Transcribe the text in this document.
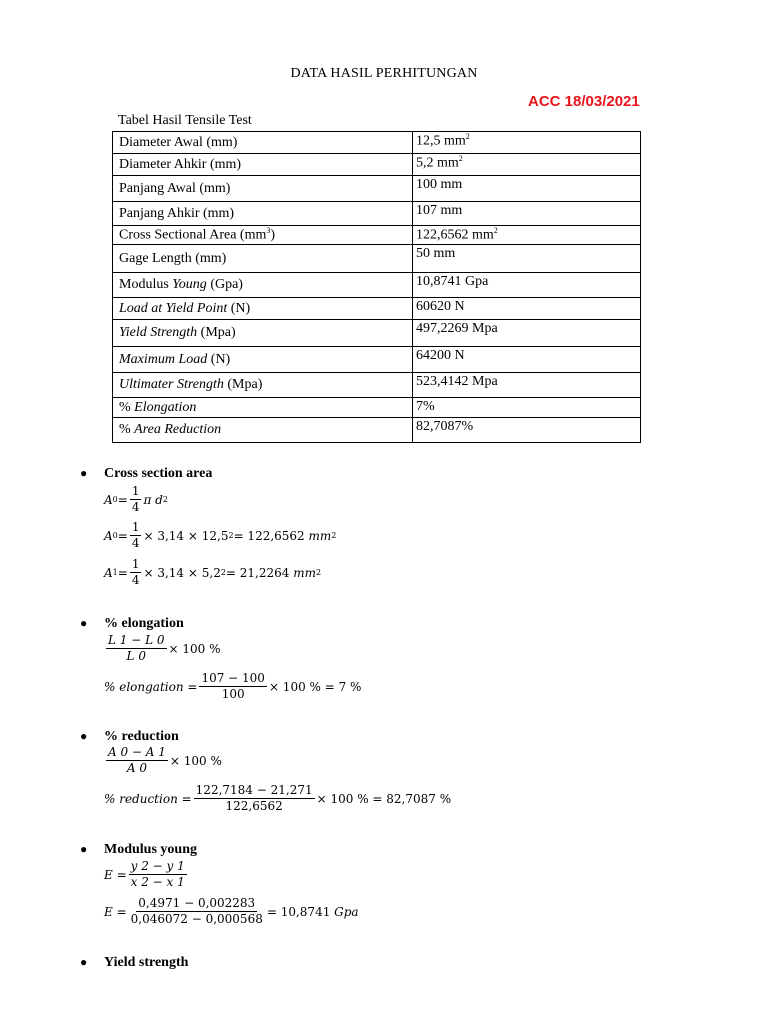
DATA HASIL PERHITUNGAN
ACC 18/03/2021
Tabel Hasil Tensile Test
Diameter Awal (mm)	12,5 $mm^2$
Diameter Ahkir (mm)	5,2 $mm^2$
Panjang Awal (mm)	100 mm
Panjang Ahkir (mm)	107 mm
Cross Sectional Area $(mm^3)$	122,6562 $mm^2$
Gage Length (mm)	50 mm
Modulus Young (Gpa)	10,8741 Gpa
Load at Yield Point (N)	60620 N
Yield Strength (Mpa)	497,2269 Mpa
Maximum Load (N)	64200 N
Ultimater Strength (Mpa)	523,4142 Mpa
% Elongation	7%
% Area Reduction	82,7087%
● Cross section area
A $0 = \frac{1}{4}$ π d 2
A $0 = \frac{1}{4} \times 3,14 \times 12,5$ 2 = 122,6562 mm 2
A $1 = \frac{1}{4} \times 3,14 \times 5,2$ 2 = 21,2264 mm 2
● % elongation
$\frac{L 1 - L 0}{L 0} \times 100$ %
% elongation = $\frac{107 - 100}{100} \times 100$ % = 7 %
● % reduction
$\frac{A 0 - A 1}{A 0} \times 100$ %
% reduction = $\frac{122,7184 - 21,271}{122,6562} \times 100$ % = 82,7087 %
● Modulus young
$E = \frac{y 2 - y 1}{x 2 - x 1}$
$E = \frac{0,4971 - 0,002283}{0,046072 - 0,000568} = 10,8741$ Gpa
● Yield strength
